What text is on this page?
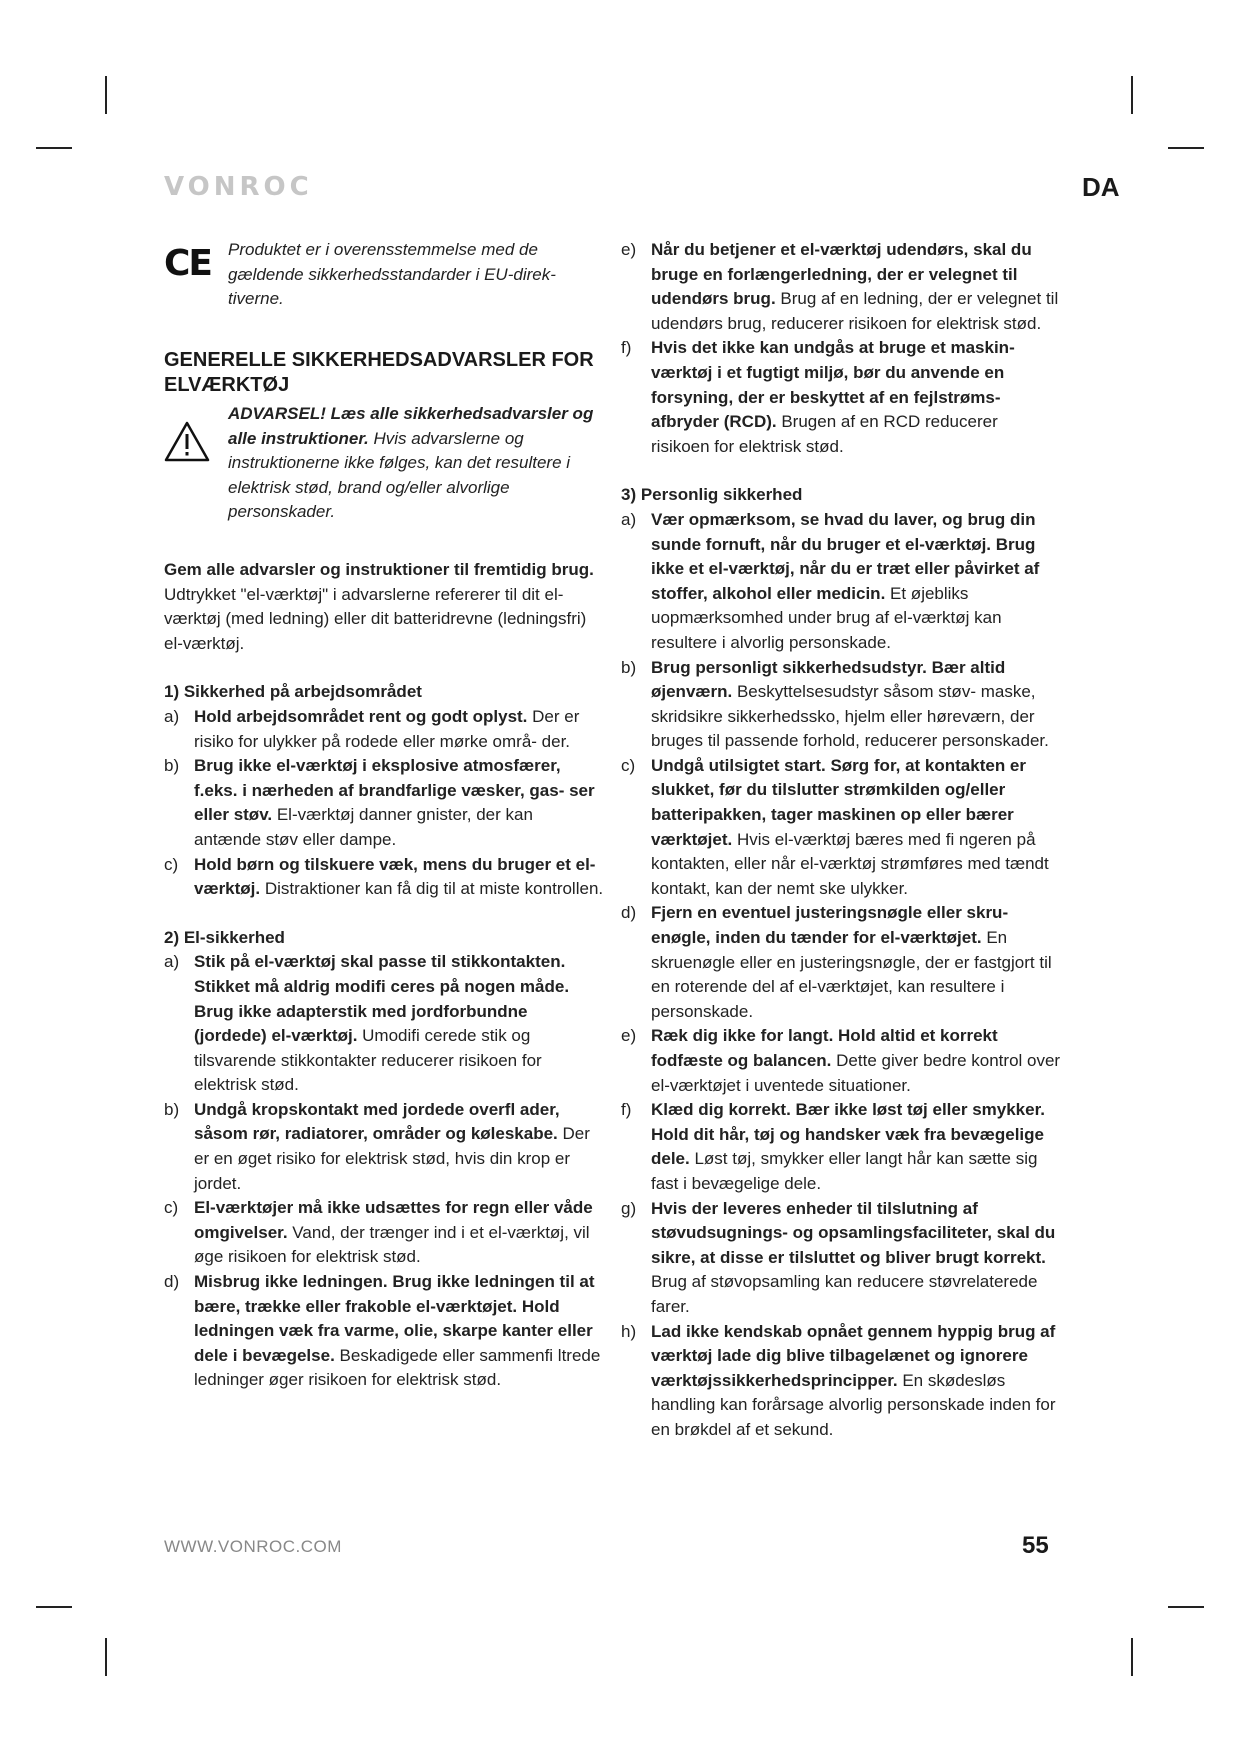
VONROC	DA
CE Produktet er i overensstemmelse med de gældende sikkerhedsstandarder i EU-direk- tiverne.
GENERELLE SIKKERHEDSADVARSLER FOR ELVÆRKTØJ
ADVARSEL! Læs alle sikkerhedsadvarsler og alle instruktioner. Hvis advarslerne og instruktionerne ikke følges, kan det resultere i elektrisk stød, brand og/eller alvorlige personskader.

Gem alle advarsler og instruktioner til fremtidig brug.

Udtrykket "el-værktøj" i advarslerne refererer til dit el-værktøj (med ledning) eller dit batteridrevne (ledningsfri) el-værktøj.

1) Sikkerhed på arbejdsområdet
a) Hold arbejdsområdet rent og godt oplyst. Der er risiko for ulykker på rodede eller mørke områ- der.
b) Brug ikke el-værktøj i eksplosive atmosfærer, f.eks. i nærheden af brandfarlige væsker, gas- ser eller støv. El-værktøj danner gnister, der kan antænde støv eller dampe.
c) Hold børn og tilskuere væk, mens du bruger et el-værktøj. Distraktioner kan få dig til at miste kontrollen.
2) El-sikkerhed
a) Stik på el-værktøj skal passe til stikkontakten. Stikket må aldrig modifi ceres på nogen måde. Brug ikke adapterstik med jordforbundne (jordede) el-værktøj. Umodifi cerede stik og tilsvarende stikkontakter reducerer risikoen for elektrisk stød.
b) Undgå kropskontakt med jordede overfl ader, såsom rør, radiatorer, områder og køleskabe. Der er en øget risiko for elektrisk stød, hvis din krop er jordet.
c) El-værktøjer må ikke udsættes for regn eller våde omgivelser. Vand, der trænger ind i et el-værktøj, vil øge risikoen for elektrisk stød.
d) Misbrug ikke ledningen. Brug ikke ledningen til at bære, trække eller frakoble el-værktøjet. Hold ledningen væk fra varme, olie, skarpe kanter eller dele i bevægelse. Beskadigede eller sammenfi ltrede ledninger øger risikoen for elektrisk stød.
e) Når du betjener et el-værktøj udendørs, skal du bruge en forlængerledning, der er velegnet til udendørs brug. Brug af en ledning, der er velegnet til udendørs brug, reducerer risikoen for elektrisk stød.
f) Hvis det ikke kan undgås at bruge et maskin- værktøj i et fugtigt miljø, bør du anvende en forsyning, der er beskyttet af en fejlstrøms- afbryder (RCD). Brugen af en RCD reducerer risikoen for elektrisk stød.
3) Personlig sikkerhed
a) Vær opmærksom, se hvad du laver, og brug din sunde fornuft, når du bruger et el-værktøj. Brug ikke et el-værktøj, når du er træt eller påvirket af stoffer, alkohol eller medicin. Et øjebliks uopmærksomhed under brug af el-værktøj kan resultere i alvorlig personskade.
b) Brug personligt sikkerhedsudstyr. Bær altid øjenværn. Beskyttelsesudstyr såsom støv- maske, skridsikre sikkerhedssko, hjelm eller høreværn, der bruges til passende forhold, reducerer personskader.
c) Undgå utilsigtet start. Sørg for, at kontakten er slukket, før du tilslutter strømkilden og/eller batteripakken, tager maskinen op eller bærer værktøjet. Hvis el-værktøj bæres med fi ngeren på kontakten, eller når el-værktøj strømføres med tændt kontakt, kan der nemt ske ulykker.
d) Fjern en eventuel justeringsnøgle eller skru- enøgle, inden du tænder for el-værktøjet. En skruenøgle eller en justeringsnøgle, der er fastgjort til en roterende del af el-værktøjet, kan resultere i personskade.
e) Ræk dig ikke for langt. Hold altid et korrekt fodfæste og balancen. Dette giver bedre kontrol over el-værktøjet i uventede situationer.
f) Klæd dig korrekt. Bær ikke løst tøj eller smykker. Hold dit hår, tøj og handsker væk fra bevægelige dele. Løst tøj, smykker eller langt hår kan sætte sig fast i bevægelige dele.
g) Hvis der leveres enheder til tilslutning af støvudsugnings- og opsamlingsfaciliteter, skal du sikre, at disse er tilsluttet og bliver brugt korrekt. Brug af støvopsamling kan reducere støvrelaterede farer.
h) Lad ikke kendskab opnået gennem hyppig brug af værktøj lade dig blive tilbagelænet og ignorere værktøjssikkerhedsprincipper. En skødesløs handling kan forårsage alvorlig personskade inden for en brøkdel af et sekund.
WWW.VONROC.COM	55
